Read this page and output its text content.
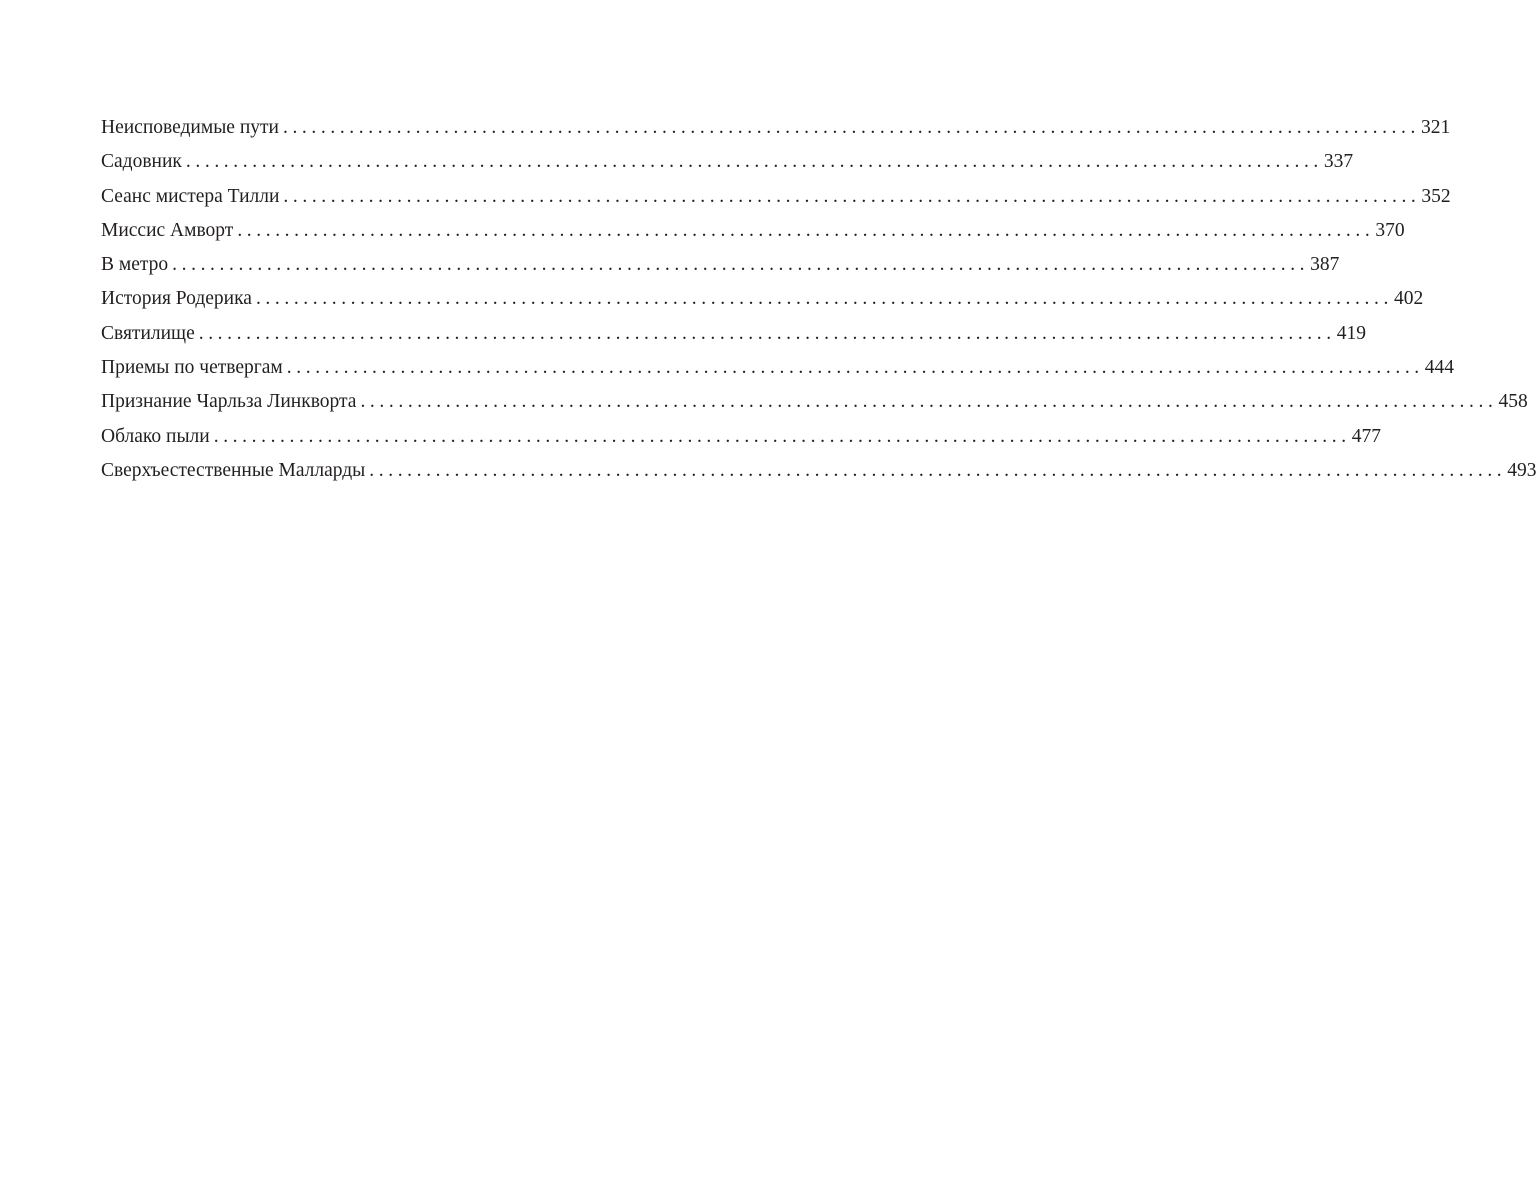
Неисповедимые пути ........................................................................................................................ 321
Садовник ........................................................................................................................ 337
Сеанс мистера Тилли ........................................................................................................................ 352
Миссис Амворт ........................................................................................................................ 370
В метро ........................................................................................................................ 387
История Родерика ........................................................................................................................ 402
Святилище ........................................................................................................................ 419
Приемы по четвергам ........................................................................................................................ 444
Признание Чарльза Линкворта ........................................................................................................................ 458
Облако пыли ........................................................................................................................ 477
Сверхъестественные Малларды ........................................................................................................................ 493
